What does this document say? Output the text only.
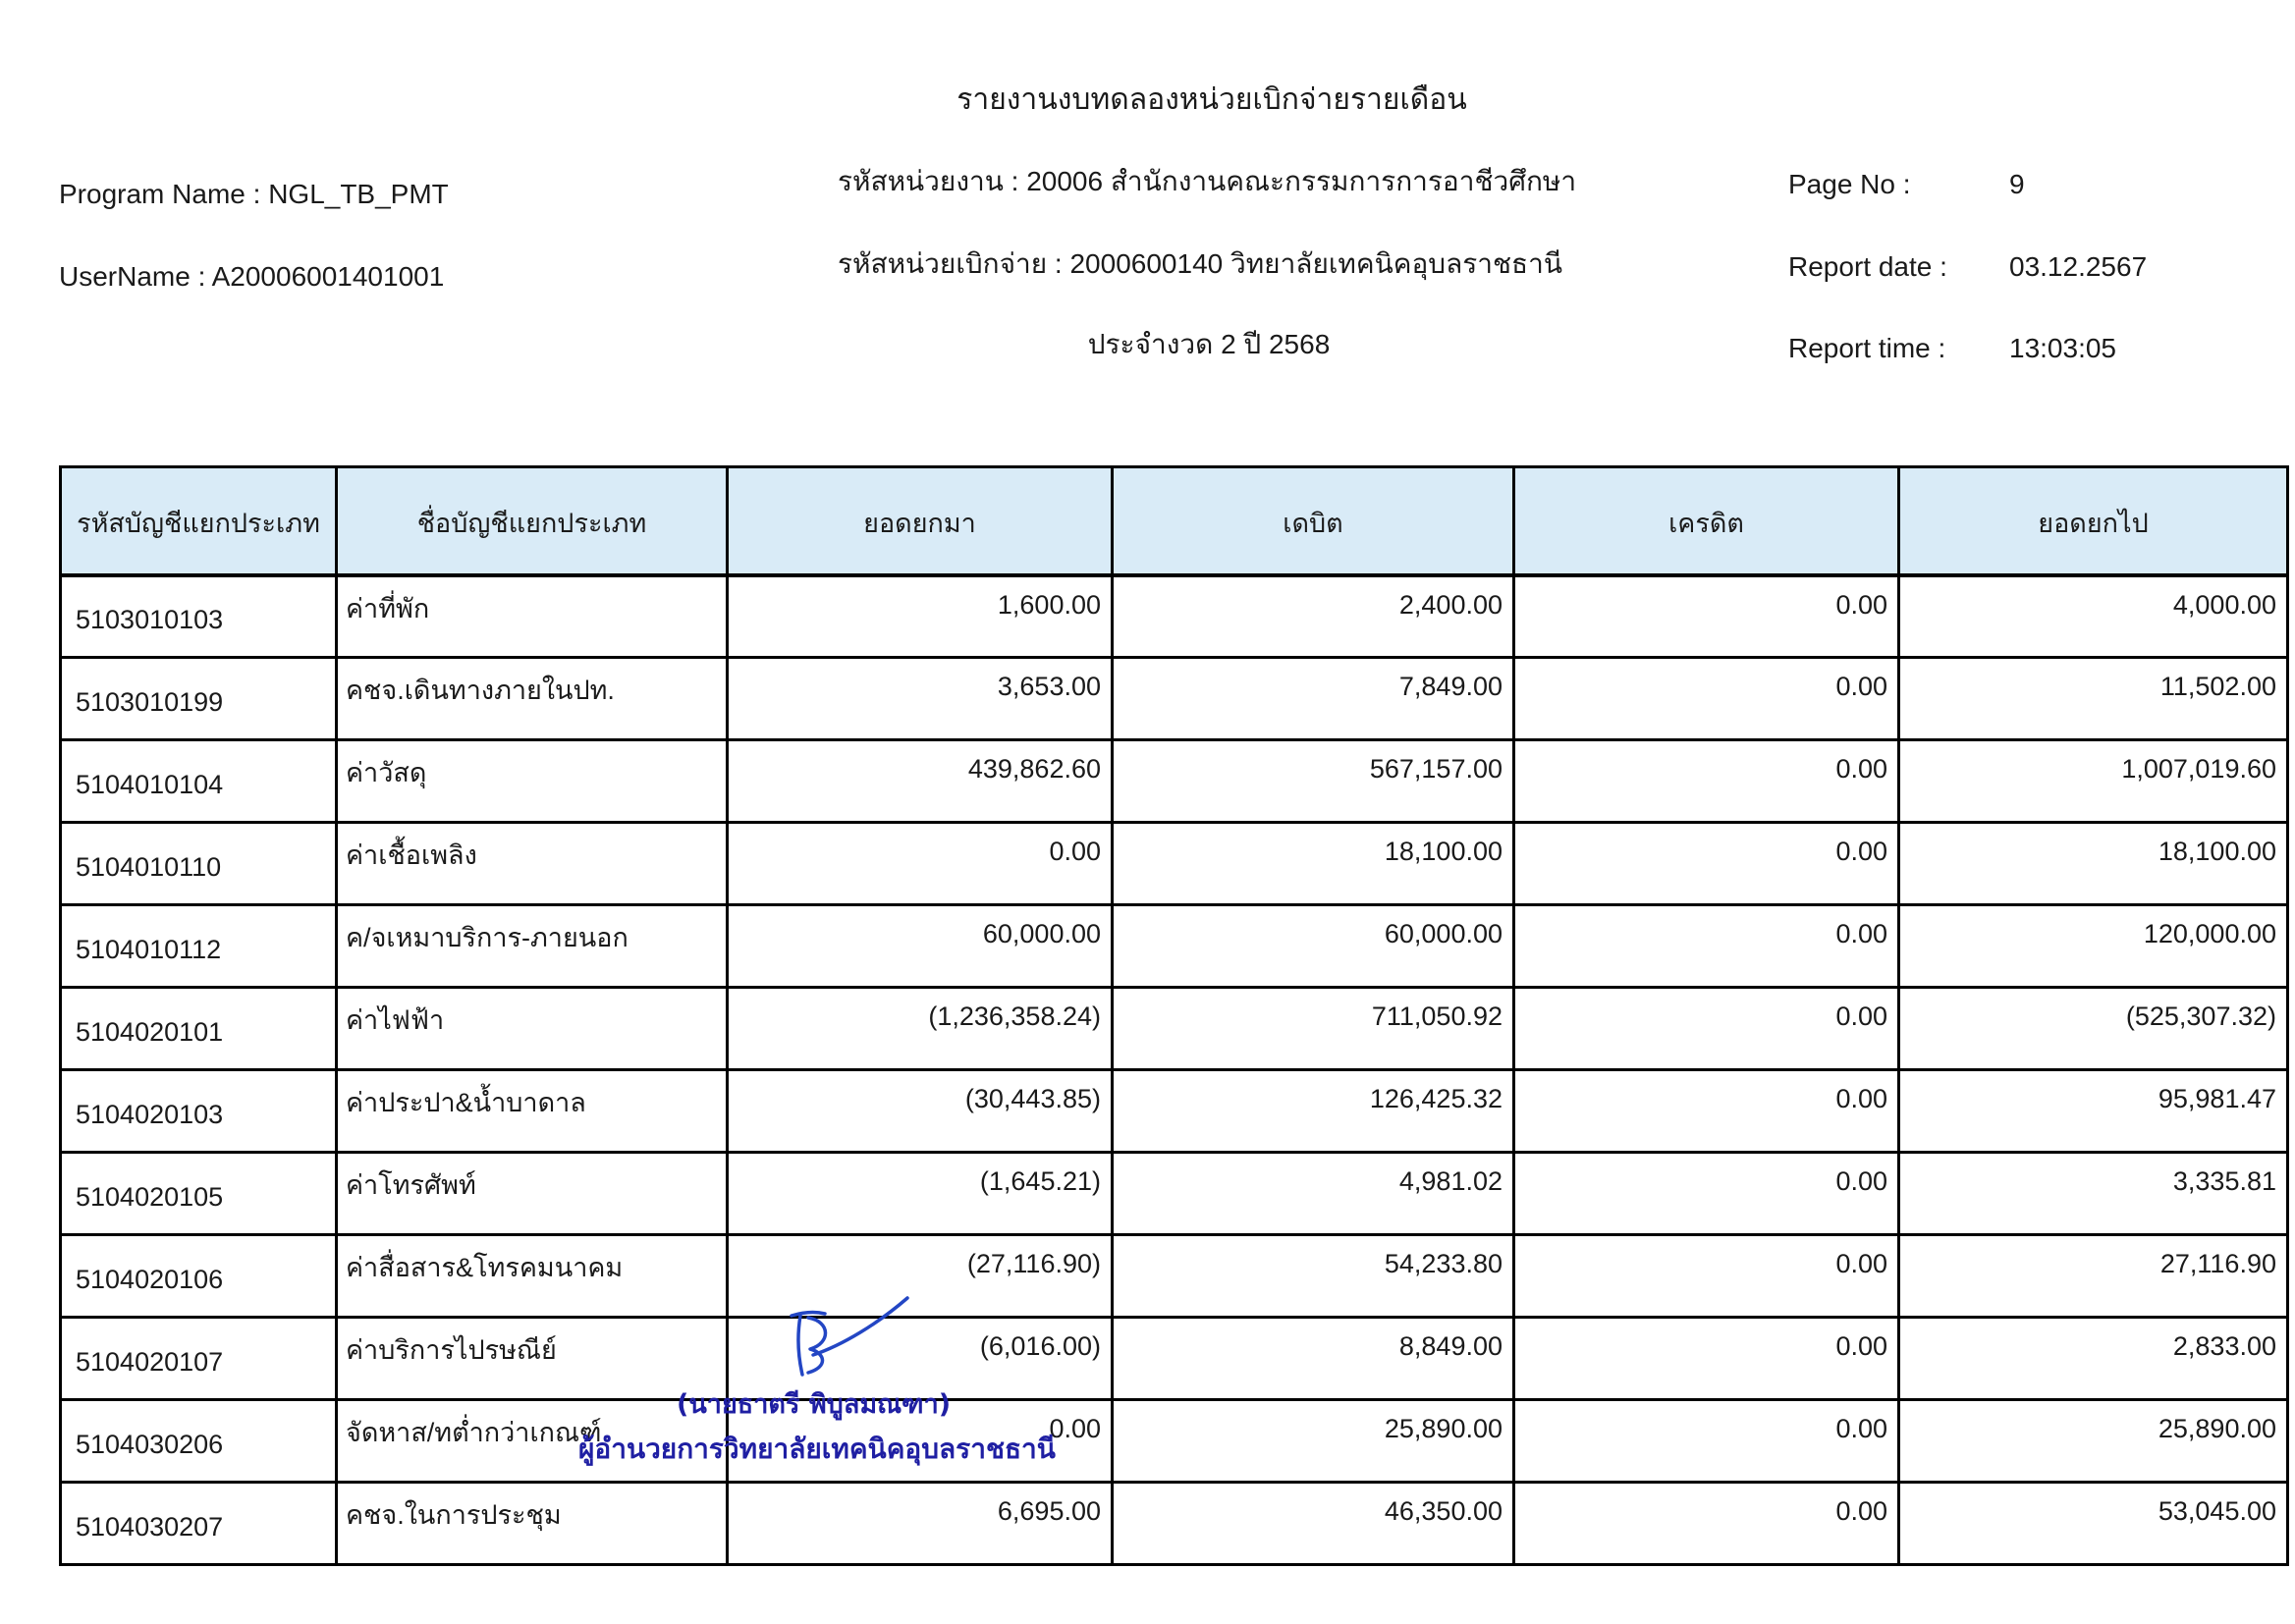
รายงานงบทดลองหน่วยเบิกจ่ายรายเดือน
Program Name : NGL_TB_PMT
UserName : A20006001401001
รหัสหน่วยงาน : 20006 สำนักงานคณะกรรมการการอาชีวศึกษา
รหัสหน่วยเบิกจ่าย : 2000600140 วิทยาลัยเทคนิคอุบลราชธานี
ประจำงวด 2 ปี 2568
Page No :	9
Report date : 03.12.2567
Report time : 13:03:05
รหัสบัญชีแยกประเภท	ชื่อบัญชีแยกประเภท	ยอดยกมา	เดบิต	เครดิต	ยอดยกไป
5103010103	ค่าที่พัก	1,600.00	2,400.00	0.00	4,000.00
5103010199	คชจ.เดินทางภายในปท.	3,653.00	7,849.00	0.00	11,502.00
5104010104	ค่าวัสดุ	439,862.60	567,157.00	0.00	1,007,019.60
5104010110	ค่าเชื้อเพลิง	0.00	18,100.00	0.00	18,100.00
5104010112	ค/จเหมาบริการ-ภายนอก	60,000.00	60,000.00	0.00	120,000.00
5104020101	ค่าไฟฟ้า	(1,236,358.24)	711,050.92	0.00	(525,307.32)
5104020103	ค่าประปา&น้ำบาดาล	(30,443.85)	126,425.32	0.00	95,981.47
5104020105	ค่าโทรศัพท์	(1,645.21)	4,981.02	0.00	3,335.81
5104020106	ค่าสื่อสาร&โทรคมนาคม	(27,116.90)	54,233.80	0.00	27,116.90
5104020107	ค่าบริการไปรษณีย์	(6,016.00)	8,849.00	0.00	2,833.00
5104030206	จัดหาส/ทต่ำกว่าเกณฑ์	0.00	25,890.00	0.00	25,890.00
5104030207	คชจ.ในการประชุม	6,695.00	46,350.00	0.00	53,045.00
(นายธาตรี พิบูลมณฑา)
ผู้อำนวยการวิทยาลัยเทคนิคอุบลราชธานี
